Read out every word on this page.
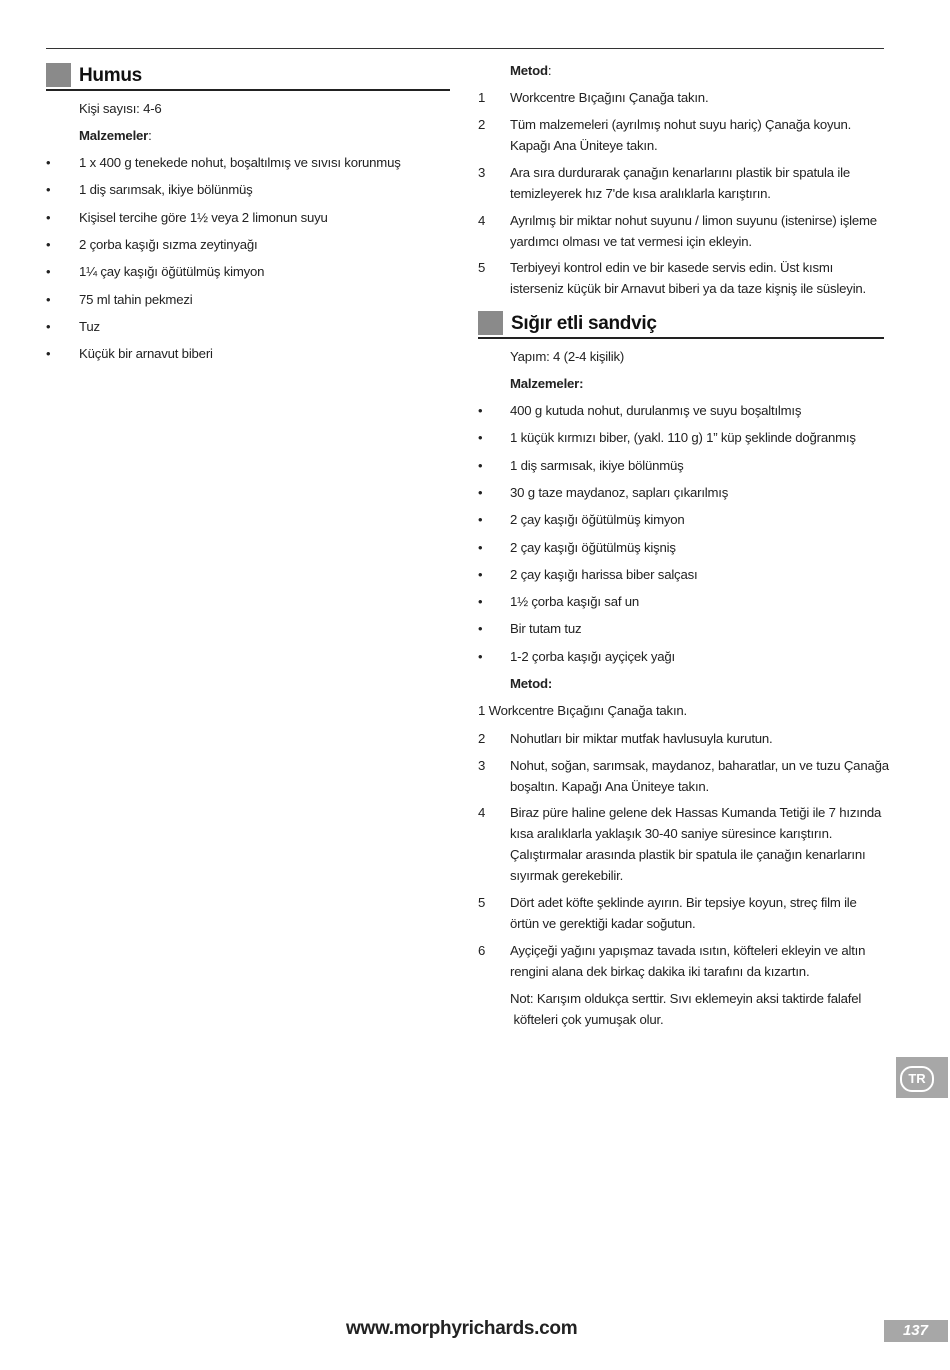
Humus
Kişi sayısı: 4-6
Malzemeler:
•	1 x 400 g tenekede nohut, boşaltılmış ve sıvısı korunmuş
•	1 diş sarımsak, ikiye bölünmüş
•	Kişisel tercihe göre 1½ veya 2 limonun suyu
•	2 çorba kaşığı sızma zeytinyağı
•	1¼ çay kaşığı öğütülmüş kimyon
•	75 ml tahin pekmezi
•	Tuz
•	Küçük bir arnavut biberi
Metod:
1 Workcentre Bıçağını Çanağa takın.
2 Tüm malzemeleri (ayrılmış nohut suyu hariç) Çanağa koyun.
Kapağı Ana Üniteye takın.
3 Ara sıra durdurarak çanağın kenarlarını plastik bir spatula ile
temizleyerek hız 7'de kısa aralıklarla karıştırın.
4 Ayrılmış bir miktar nohut suyunu / limon suyunu (istenirse) işleme
yardımcı olması ve tat vermesi için ekleyin.
5 Terbiyeyi kontrol edin ve bir kasede servis edin. Üst kısmı
isterseniz küçük bir Arnavut biberi ya da taze kişniş ile süsleyin.
Sığır etli sandviç
Yapım: 4 (2-4 kişilik)
Malzemeler:
•	400 g kutuda nohut, durulanmış ve suyu boşaltılmış
•	1 küçük kırmızı biber, (yakl. 110 g) 1” küp şeklinde doğranmış
•	1 diş sarmısak, ikiye bölünmüş
•	30 g taze maydanoz, sapları çıkarılmış
•	2 çay kaşığı öğütülmüş kimyon
•	2 çay kaşığı öğütülmüş kişniş
•	2 çay kaşığı harissa biber salçası
•	1½ çorba kaşığı saf un
•	Bir tutam tuz
•	1-2 çorba kaşığı ayçiçek yağı
Metod:
1 Workcentre Bıçağını Çanağa takın.
2 Nohutları bir miktar mutfak havlusuyla kurutun.
3 Nohut, soğan, sarımsak, maydanoz, baharatlar, un ve tuzu Çanağa
boşaltın. Kapağı Ana Üniteye takın.
4 Biraz püre haline gelene dek Hassas Kumanda Tetiği ile 7 hızında
kısa aralıklarla yaklaşık 30-40 saniye süresince karıştırın.
Çalıştırmalar arasında plastik bir spatula ile çanağın kenarlarını
sıyırmak gerekebilir.
5 Dört adet köfte şeklinde ayırın. Bir tepsiye koyun, streç film ile
örtün ve gerektiği kadar soğutun.
6 Ayçiçeği yağını yapışmaz tavada ısıtın, köfteleri ekleyin ve altın
rengini alana dek birkaç dakika iki tarafını da kızartın.
Not: Karışım oldukça serttir. Sıvı eklemeyin aksi taktirde falafel
köfteleri çok yumuşak olur.
TR
www.morphyrichards.com	137
